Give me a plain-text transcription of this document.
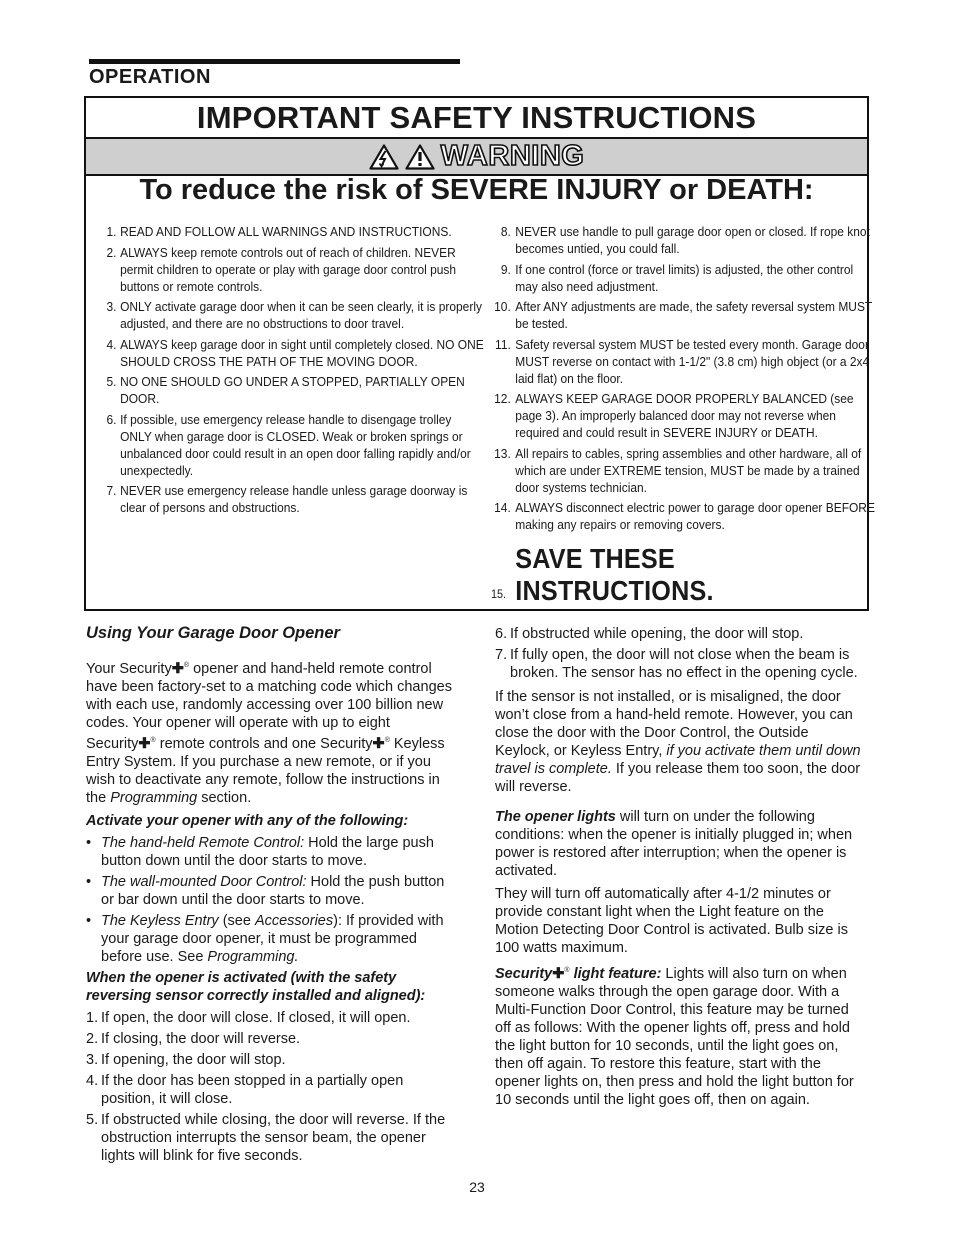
OPERATION
IMPORTANT SAFETY INSTRUCTIONS
WARNING
To reduce the risk of SEVERE INJURY or DEATH:
1. READ AND FOLLOW ALL WARNINGS AND INSTRUCTIONS.
2. ALWAYS keep remote controls out of reach of children. NEVER permit children to operate or play with garage door control push buttons or remote controls.
3. ONLY activate garage door when it can be seen clearly, it is properly adjusted, and there are no obstructions to door travel.
4. ALWAYS keep garage door in sight until completely closed. NO ONE SHOULD CROSS THE PATH OF THE MOVING DOOR.
5. NO ONE SHOULD GO UNDER A STOPPED, PARTIALLY OPEN DOOR.
6. If possible, use emergency release handle to disengage trolley ONLY when garage door is CLOSED. Weak or broken springs or unbalanced door could result in an open door falling rapidly and/or unexpectedly.
7. NEVER use emergency release handle unless garage doorway is clear of persons and obstructions.
8. NEVER use handle to pull garage door open or closed. If rope knot becomes untied, you could fall.
9. If one control (force or travel limits) is adjusted, the other control may also need adjustment.
10. After ANY adjustments are made, the safety reversal system MUST be tested.
11. Safety reversal system MUST be tested every month. Garage door MUST reverse on contact with 1-1/2" (3.8 cm) high object (or a 2x4 laid flat) on the floor.
12. ALWAYS KEEP GARAGE DOOR PROPERLY BALANCED (see page 3). An improperly balanced door may not reverse when required and could result in SEVERE INJURY or DEATH.
13. All repairs to cables, spring assemblies and other hardware, all of which are under EXTREME tension, MUST be made by a trained door systems technician.
14. ALWAYS disconnect electric power to garage door opener BEFORE making any repairs or removing covers.
15.
SAVE THESE INSTRUCTIONS.
Using Your Garage Door Opener

Your Security✚® opener and hand-held remote control have been factory-set to a matching code which changes with each use, randomly accessing over 100 billion new codes. Your opener will operate with up to eight Security✚® remote controls and one Security✚® Keyless Entry System. If you purchase a new remote, or if you wish to deactivate any remote, follow the instructions in the Programming section.

Activate your opener with any of the following:
• The hand-held Remote Control: Hold the large push button down until the door starts to move.
• The wall-mounted Door Control: Hold the push button or bar down until the door starts to move.
• The Keyless Entry (see Accessories): If provided with your garage door opener, it must be programmed before use. See Programming.
When the opener is activated (with the safety reversing sensor correctly installed and aligned):
1. If open, the door will close. If closed, it will open.
2. If closing, the door will reverse.
3. If opening, the door will stop.
4. If the door has been stopped in a partially open position, it will close.
5. If obstructed while closing, the door will reverse. If the obstruction interrupts the sensor beam, the opener lights will blink for five seconds.
6. If obstructed while opening, the door will stop.
7. If fully open, the door will not close when the beam is broken. The sensor has no effect in the opening cycle.

If the sensor is not installed, or is misaligned, the door won’t close from a hand-held remote. However, you can close the door with the Door Control, the Outside Keylock, or Keyless Entry, if you activate them until down travel is complete. If you release them too soon, the door will reverse.

The opener lights will turn on under the following conditions: when the opener is initially plugged in; when power is restored after interruption; when the opener is activated.

They will turn off automatically after 4-1/2 minutes or provide constant light when the Light feature on the Motion Detecting Door Control is activated. Bulb size is 100 watts maximum.

Security✚® light feature: Lights will also turn on when someone walks through the open garage door. With a Multi-Function Door Control, this feature may be turned off as follows: With the opener lights off, press and hold the light button for 10 seconds, until the light goes on, then off again. To restore this feature, start with the opener lights on, then press and hold the light button for 10 seconds until the light goes off, then on again.

23
